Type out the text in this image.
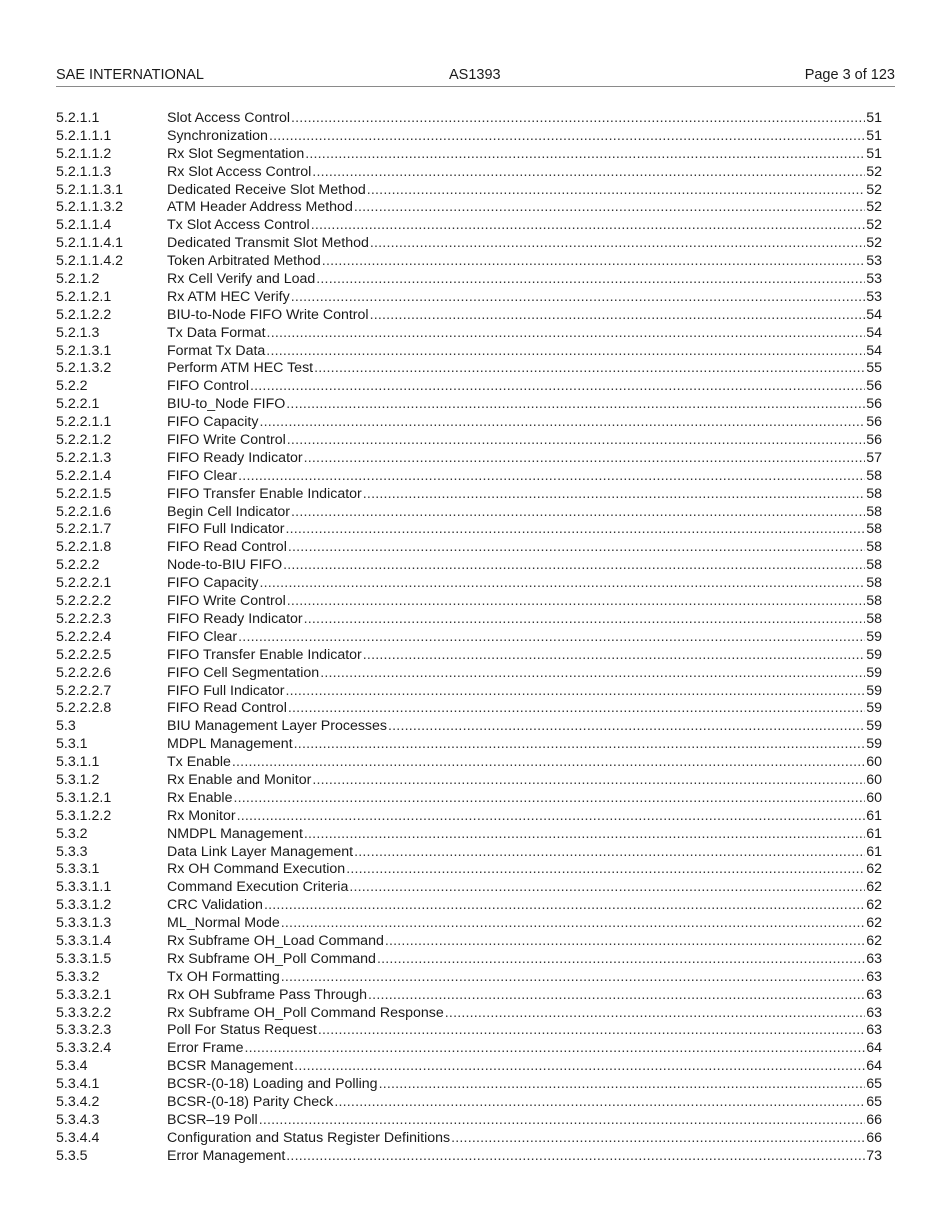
SAE INTERNATIONAL	AS1393	Page 3 of 123
5.2.1.1	Slot Access Control .....	51
5.2.1.1.1	Synchronization .....	51
5.2.1.1.2	Rx Slot Segmentation .....	51
5.2.1.1.3	Rx Slot Access Control .....	52
5.2.1.1.3.1	Dedicated Receive Slot Method .....	52
5.2.1.1.3.2	ATM Header Address Method .....	52
5.2.1.1.4	Tx Slot Access Control .....	52
5.2.1.1.4.1	Dedicated Transmit Slot Method .....	52
5.2.1.1.4.2	Token Arbitrated Method .....	53
5.2.1.2	Rx Cell Verify and Load .....	53
5.2.1.2.1	Rx ATM HEC Verify .....	53
5.2.1.2.2	BIU-to-Node FIFO Write Control .....	54
5.2.1.3	Tx Data Format .....	54
5.2.1.3.1	Format Tx Data .....	54
5.2.1.3.2	Perform ATM HEC Test .....	55
5.2.2	FIFO Control .....	56
5.2.2.1	BIU-to_Node FIFO .....	56
5.2.2.1.1	FIFO Capacity .....	56
5.2.2.1.2	FIFO Write Control .....	56
5.2.2.1.3	FIFO Ready Indicator .....	57
5.2.2.1.4	FIFO Clear .....	58
5.2.2.1.5	FIFO Transfer Enable Indicator .....	58
5.2.2.1.6	Begin Cell Indicator .....	58
5.2.2.1.7	FIFO Full Indicator .....	58
5.2.2.1.8	FIFO Read Control .....	58
5.2.2.2	Node-to-BIU FIFO .....	58
5.2.2.2.1	FIFO Capacity .....	58
5.2.2.2.2	FIFO Write Control .....	58
5.2.2.2.3	FIFO Ready Indicator .....	58
5.2.2.2.4	FIFO Clear .....	59
5.2.2.2.5	FIFO Transfer Enable Indicator .....	59
5.2.2.2.6	FIFO Cell Segmentation .....	59
5.2.2.2.7	FIFO Full Indicator .....	59
5.2.2.2.8	FIFO Read Control .....	59
5.3	BIU Management Layer Processes .....	59
5.3.1	MDPL Management .....	59
5.3.1.1	Tx Enable .....	60
5.3.1.2	Rx Enable and Monitor .....	60
5.3.1.2.1	Rx Enable .....	60
5.3.1.2.2	Rx Monitor .....	61
5.3.2	NMDPL Management .....	61
5.3.3	Data Link Layer Management .....	61
5.3.3.1	Rx OH Command Execution .....	62
5.3.3.1.1	Command Execution Criteria .....	62
5.3.3.1.2	CRC Validation .....	62
5.3.3.1.3	ML_Normal Mode .....	62
5.3.3.1.4	Rx Subframe OH_Load Command .....	62
5.3.3.1.5	Rx Subframe OH_Poll Command .....	63
5.3.3.2	Tx OH Formatting .....	63
5.3.3.2.1	Rx OH Subframe Pass Through .....	63
5.3.3.2.2	Rx Subframe OH_Poll Command Response .....	63
5.3.3.2.3	Poll For Status Request .....	63
5.3.3.2.4	Error Frame .....	64
5.3.4	BCSR Management .....	64
5.3.4.1	BCSR-(0-18) Loading and Polling .....	65
5.3.4.2	BCSR-(0-18) Parity Check .....	65
5.3.4.3	BCSR–19 Poll .....	66
5.3.4.4	Configuration and Status Register Definitions .....	66
5.3.5	Error Management .....	73
